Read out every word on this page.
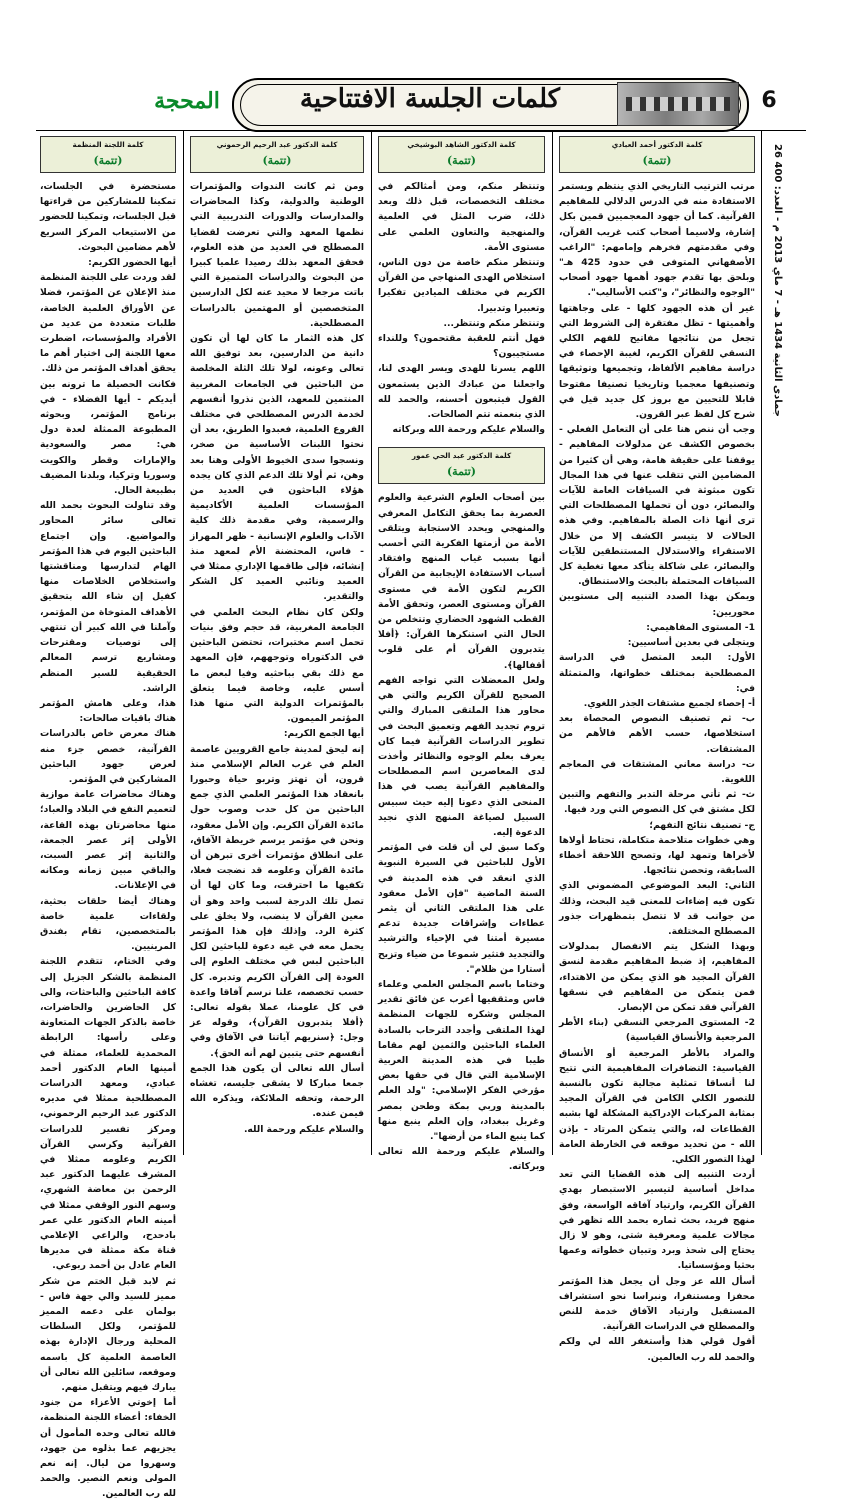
6
26 جمادى الثانية 1434 هـ - 7 ماي 2013 م - العدد: 400
كلمات الجلسة الافتتاحية
المحجة
كلمة الدكتور أحمد العبادي
(تتمة)

مرتب الترتيب التاريخي الذي ينتظم ويستمر الاستفادة منه في الدرس الدلالي للمفاهيم القرآنية. كما أن جهود المعجميين قمين بكل إشارة، ولاسيما أصحاب كتب غريب القرآن، وفي مقدمتهم فخرهم وإمامهم: "الراغب الأصفهاني المتوفى في حدود 425 هـ" وبلحق بها تقدم جهود أهمها جهود أصحاب "الوجوه والنظائر"، و"كتب الأساليب".

غير أن هذه الجهود كلها - على وجاهتها وأهميتها - تظل مفتقرة إلى الشروط التي تجعل من نتائجها مفاتيح للفهم الكلي النسقي للقرآن الكريم، لغيبة الإحصاء في دراسة مفاهيم الألفاظ، وتجميعها وتوثيقها وتصنيفها معجميا وتاريخيا تصنيفا مفتوحا قابلا للتحيين مع بروز كل جديد قيل في شرح كل لفظ عبر القرون.

وجب أن ننص هنا على أن التعامل الفعلي - بخصوص الكشف عن مدلولات المفاهيم - يوقفنا على حقيقة هامة، وهي أن كثيرا من المضامين التي تتقلب عنها في هذا المجال تكون مبثوثة في السياقات العامة للآيات والبصائر، دون أن تحملها المصطلحات التي ترى أنها ذات الصلة بالمفاهيم. وفي هذه الحالات لا يتيسر الكشف إلا من خلال الاستقراء والاستدلال المستنطقين للآيات والبصائر، على شاكلة يتأكد معها تغطية كل السياقات المحتملة بالبحث والاستنطاق.

ويمكن بهذا الصدد التنبيه إلى مستويين محوريين:

1- المستوى المفاهيمي:

ويتجلى في بعدين أساسيين:

الأول: البعد المتصل في الدراسة المصطلحية بمختلف خطواتها، والمتمثلة في:

أ- إحصاء لجميع مشتقات الجذر اللغوي.

ب- ثم تصنيف النصوص المحصاة بعد استخلاصها، حسب الأهم فالأهم من المشتقات.

ت- دراسة معاني المشتقات في المعاجم اللغوية.

ث- ثم تأتي مرحلة التدبر والتفهم والتبين لكل مشتق في كل النصوص التي ورد فيها.

ج- تصنيف نتائج التفهم؛

وهي خطوات متلاحمة متكاملة، تحتاط أولاها لأخراها وتمهد لها، وتصحح اللاحقة أخطاء السابقة، وتحصن نتائجها.

الثاني: البعد الموضوعي المضموني الذي تكون فيه إضاءات للمعنى قيد البحث، وذلك من جوانب قد لا تتصل بتمظهرات جذور المصطلح المختلفة.

وبهذا الشكل يتم الانفصال بمدلولات المفاهيم، إذ ضبط المفاهيم مقدمة لنسق القرآن المجيد هو الذي يمكن من الاهتداء، فمن يتمكن من المفاهيم في نسقها القرآني فقد تمكن من الإبصار.

2- المستوى المرجعي النسقي (بناء الأطر المرجعية والأنساق القياسية)

والمراد بالأطر المرجعية أو الأنساق القياسية: التضافرات المفاهيمية التي تتيح لنا أنساقا تمثلية مجالية تكون بالنسبة للتصور الكلي الكامن في القرآن المجيد بمثابة المركبات الإدراكية المشكلة لها بشبه القطاعات له، والتي يتمكن المرتاد - بإذن الله - من تحديد موقعه في الخارطة العامة لهذا التصور الكلي.

أردت التنبيه إلى هذه القضايا التي تعد مداخل أساسية لتيسير الاستبصار بهدي القرآن الكريم، وارتياد آفاقه الواسعة، وفق منهج فريد، بحث ثماره بحمد الله تظهر في مجالات علمية ومعرفية شتى، وهو لا زال يحتاج إلى شحذ وبرد وتبيان خطواته وعمها بحثيا ومؤسساتيا.

أسأل الله عز وجل أن يجعل هذا المؤتمر محفزا ومستنفرا، ونبراسا نحو استشراف المستقبل وارتياد الآفاق خدمة للنص والمصطلح في الدراسات القرآنية.

أقول قولي هذا وأستغفر الله لي ولكم والحمد لله رب العالمين.

كلمة الدكتور الشاهد البوشيخي
(تتمة)

وتنتظر منكم، ومن أمثالكم في مختلف التخصصات، قبل ذلك وبعد ذلك، ضرب المثل في العلمية والمنهجية والتعاون العلمي على مستوى الأمة.

وتنتظر منكم خاصة من دون الناس، استخلاص الهدى المنهاجي من القرآن الكريم في مختلف الميادين تفكيرا وتعبيرا وتدبيرا.

وتنتظر منكم وتنتظر...

فهل أنتم للعقبة مقتحمون؟ وللنداء مستجيبون؟

اللهم يسرنا للهدى ويسر الهدى لنا، واجعلنا من عبادك الذين يستمعون القول فيتبعون أحسنه، والحمد لله الذي بنعمته تتم الصالحات.

والسلام عليكم ورحمة الله وبركاته

كلمة الدكتور عبد الحي عمور
(تتمة)

بين أصحاب العلوم الشرعية والعلوم العصرية بما يحقق التكامل المعرفي والمنهجي ويحدد الاستجابة ويتلقى الأمة من أزمتها الفكرية التي أحسب أنها بسبب غياب المنهج وافتقاد أسباب الاستفادة الإيجابية من القرآن الكريم لتكون الأمة في مستوى القرآن ومستوى العصر، وتحقق الأمة القطب الشهود الحضاري وتتخلص من الحال التي استنكرها القرآن: ﴿أفلا يتدبرون القرآن أم على قلوب أقفالها﴾.

ولعل المعضلات التي تواجه الفهم الصحيح للقرآن الكريم والتي هي محاور هذا الملتقى المبارك والتي تروم تجديد الفهم وتعميق البحث في تطوير الدراسات القرآنية فيما كان يعرف بعلم الوجوه والنظائر وأخذت لدى المعاصرين اسم المصطلحات والمفاهيم القرآنية يصب في هذا المنحى الذي دعونا إليه حيث سبيس السبيل لصياغة المنهج الذي نجيد الدعوة إليه.

وكما سبق لي أن قلت في المؤتمر الأول للباحثين في السيرة النبوية الذي انعقد في هذه المدينة في السنة الماضية "فإن الأمل معقود على هذا الملتقى الثاني أن يثمر عطاءات وإشراقات جديدة تدعم مسيرة أمتنا في الإحياء والترشيد والتجديد فتثير شموعا من ضياء وتزيح أستارا من ظلام".

وختاما باسم المجلس العلمي وعلماء فاس ومثقفيها أعرب عن فائق تقدير المجلس وشكره للجهات المنظمة لهذا الملتقى وأجدد الترحاب بالسادة العلماء الباحثين والثمين لهم مقاما طيبا في هذه المدينة العربية الإسلامية التي قال في حقها بعض مؤرخي الفكر الإسلامي: "ولد العلم بالمدينة وربي بمكة وطحن بمصر وغربل ببغداد، وإن العلم ينبع منها كما ينبع الماء من أرضها".

والسلام عليكم ورحمة الله تعالى وبركاته.

كلمة الدكتور عبد الرحيم الرحموني
(تتمة)

ومن ثم كانت الندوات والمؤتمرات الوطنية والدولية، وكذا المحاضرات والمدارسات والدورات التدريبية التي نظمها المعهد والتي تعرضت لقضايا المصطلح في العديد من هذه العلوم، فحقق المعهد بذلك رصيدا علميا كبيرا من البحوث والدراسات المتميزة التي باتت مرجعا لا محيد عنه لكل الدارسين المتخصصين أو المهتمين بالدراسات المصطلحية.

كل هذه الثمار ما كان لها أن تكون دانية من الدارسين، بعد توفيق الله تعالى وعونه، لولا تلك الثلة المخلصة من الباحثين في الجامعات المغربية المنتمين للمعهد، الذين نذروا أنفسهم لخدمة الدرس المصطلحي في مختلف الفروع العلمية، فعبدوا الطريق، بعد أن نحتوا اللبنات الأساسية من صخر، ونسجوا سدى الخيوط الأولى وهنا بعد وهن، ثم أولا تلك الدعم الذي كان يجده هؤلاء الباحثون في العديد من المؤسسات العلمية الأكاديمية والرسمية، وفي مقدمة ذلك كلية الآداب والعلوم الإنسانية - ظهر المهراز - فاس، المحتضنة الأم لمعهد منذ إنشائه، فإلى طاقمها الإداري ممثلا في العميد ونائبي العميد كل الشكر والتقدير.

ولكن كان نظام البحث العلمي في الجامعة المغربية، قد حجم وفق بنيات تحمل اسم مختبرات، تحتضن الباحثين في الدكتوراه وتوجههم، فإن المعهد مع ذلك بقي بباحثيه وفيا لبعض ما أسس عليه، وخاصة فيما يتعلق بالمؤتمرات الدولية التي منها هذا المؤتمر الميمون.

أيها الجمع الكريم:

إنه ليحق لمدينة جامع القرويين عاصمة العلم في غرب العالم الإسلامي منذ قرون، أن تهتز وتربو حياة وحبورا بانعقاد هذا المؤتمر العلمي الذي جمع الباحثين من كل حدب وصوب حول مائدة القرآن الكريم. وإن الأمل معقود، ونحن في مؤتمر يرسم خريطة الآفاق، على انطلاق مؤتمرات أخرى تبرهن أن مائدة القرآن وعلومه قد نضجت فعلا، تكفيها ما احترقت، وما كان لها أن تصل تلك الدرجة لسبب واحد وهو أن معين القرآن لا ينضب، ولا يخلق على كثرة الرد. وإذلك فإن هذا المؤتمر يحمل معه في غيه دعوة للباحثين لكل الباحثين لبس في مختلف العلوم إلى العودة إلى القرآن الكريم وتدبره. كل حسب تخصصه، علنا نرسم آفاقا واعدة في كل علومنا، عملا بقوله تعالى: ﴿أفلا يتدبرون القرآن﴾، وقوله عز وجل: ﴿سنريهم آياتنا في الآفاق وفي أنفسهم حتى يتبين لهم أنه الحق﴾.

أسأل الله تعالى أن يكون هذا الجمع جمعا مباركا لا يشقى جليسه، تغشاه الرحمة، وتحفه الملائكة، ويذكره الله فيمن عنده.

والسلام عليكم ورحمة الله.

كلمة اللجنة المنظمة
(تتمة)

مستحضرة في الجلسات، تمكينا للمشاركين من قراءتها قبل الجلسات، وتمكينا للحضور من الاستيعاب المركز السريع لأهم مضامين البحوث.

أيها الحضور الكريم:

لقد وردت على اللجنة المنظمة منذ الإعلان عن المؤتمر، فضلا عن الأوراق العلمية الخاصة، طلبات متعددة من عديد من الأفراد والمؤسسات، اضطرت معها اللجنة إلى اختيار أهم ما يحقق أهداف المؤتمر من ذلك.

فكانت الحصيلة ما ترونه بين أيديكم - أيها الفضلاء - في برنامج المؤتمر، وبحوثه المطبوعة الممثلة لعدة دول هي: مصر والسعودية والإمارات وقطر والكويت وسوريا وتركيا، وبلدنا المضيف بطبيعة الحال.

وقد تناولت البحوث بحمد الله تعالى سائر المحاور والمواضيع. وإن اجتماع الباحثين اليوم في هذا المؤتمر الهام لتدارسها ومناقشتها واستخلاص الخلاصات منها كفيل إن شاء الله بتحقيق الأهداف المتوخاة من المؤتمر، وآملنا في الله كبير أن تنتهي إلى توصيات ومقترحات ومشاريع ترسم المعالم الحقيقية للسير المنظم الراشد.

هذا، وعلى هامش المؤتمر هناك باقيات صالحات:

هناك معرض خاص بالدراسات القرآنية، خصص جزء منه لعرض جهود الباحثين المشاركين في المؤتمر.

وهناك محاضرات عامة موازية لتعميم النفع في البلاد والعباد؛ منها محاضرتان بهذه القاعة، الأولى إثر عصر الجمعة، والثانية إثر عصر السبت، والباقي مبين زمانه ومكانه في الإعلانات.

وهناك أيضا حلقات بحثية، ولقاءات علمية خاصة بالمتخصصين، تقام بفندق المرينيين.

وفي الختام، تتقدم اللجنة المنظمة بالشكر الجزيل إلى كافة الباحثين والباحثات، والى كل الحاضرين والحاضرات، خاصة بالذكر الجهات المتعاونة وعلى رأسها: الرابطة المحمدية للعلماء، ممثلة في أمينها العام الدكتور أحمد عبادي، ومعهد الدراسات المصطلحية ممثلا في مديره الدكتور عبد الرحيم الرحموني، ومركز تفسير للدراسات القرآنية وكرسي القرآن الكريم وعلومه ممثلا في المشرف عليهما الدكتور عبد الرحمن بن معاضة الشهري، وسهم النور الوقفي ممثلا في أمينه العام الدكتور علي عمر بادحدح، والراعي الإعلامي قناة مكة ممثلة في مديرها العام عادل بن أحمد ربوعي.

ثم لابد قبل الختم من شكر مميز للسيد والي جهة فاس - بولمان على دعمه المميز للمؤتمر، ولكل السلطات المحلية ورجال الإدارة بهذه العاصمة العلمية كل باسمه وموقعه، سائلين الله تعالى أن يبارك فيهم ويتقبل منهم.

أما إخوتي الأعزاء من جنود الخفاء: أعضاء اللجنة المنظمة، فالله تعالى وحده المأمول أن يجزيهم عما بذلوه من جهود، وسهروا من ليال. إنه نعم المولى ونعم النصير. والحمد لله رب العالمين.
